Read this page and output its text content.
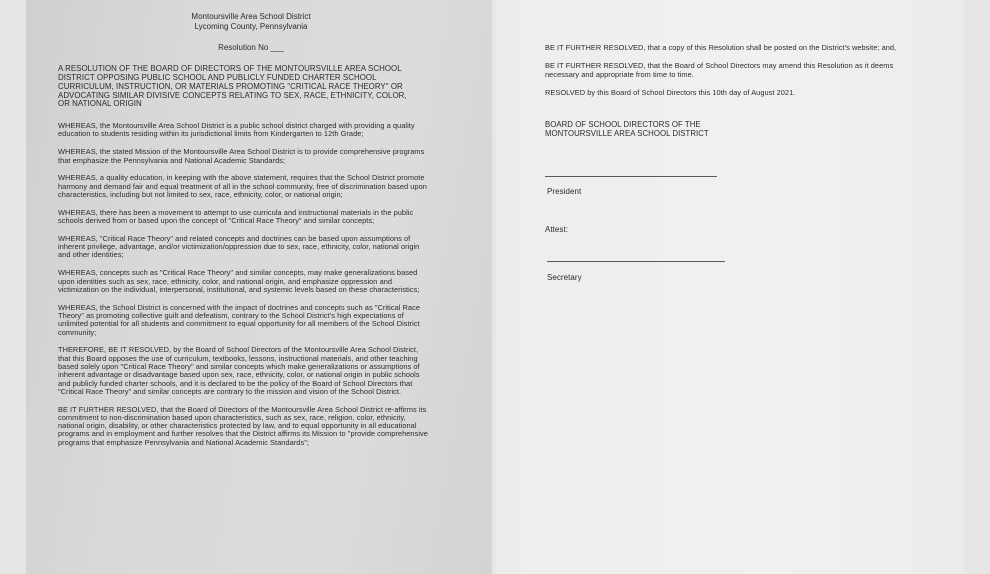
Montoursville Area School District

Lycoming County, Pennsylvania

Resolution No ___

A RESOLUTION OF THE BOARD OF DIRECTORS OF THE MONTOURSVILLE AREA SCHOOL DISTRICT OPPOSING PUBLIC SCHOOL AND PUBLICLY FUNDED CHARTER SCHOOL CURRICULUM, INSTRUCTION, OR MATERIALS PROMOTING "CRITICAL RACE THEORY" OR ADVOCATING SIMILAR DIVISIVE CONCEPTS RELATING TO SEX, RACE, ETHNICITY, COLOR, OR NATIONAL ORIGIN

WHEREAS, the Montoursville Area School District is a public school district charged with providing a quality education to students residing within its jurisdictional limits from Kindergarten to 12th Grade;

WHEREAS, the stated Mission of the Montoursville Area School District is to provide comprehensive programs that emphasize the Pennsylvania and National Academic Standards;

WHEREAS, a quality education, in keeping with the above statement, requires that the School District promote harmony and demand fair and equal treatment of all in the school community, free of discrimination based upon characteristics, including but not limited to sex, race, ethnicity, color, or national origin;

WHEREAS, there has been a movement to attempt to use curricula and instructional materials in the public schools derived from or based upon the concept of "Critical Race Theory" and similar concepts;

WHEREAS, "Critical Race Theory" and related concepts and doctrines can be based upon assumptions of inherent privilege, advantage, and/or victimization/oppression due to sex, race, ethnicity, color, national origin and other identities;

WHEREAS, concepts such as "Critical Race Theory" and similar concepts, may make generalizations based upon identities such as sex, race, ethnicity, color, and national origin, and emphasize oppression and victimization on the individual, interpersonal, institutional, and systemic levels based on these characteristics;

WHEREAS, the School District is concerned with the impact of doctrines and concepts such as "Critical Race Theory" as promoting collective guilt and defeatism, contrary to the School District's high expectations of unlimited potential for all students and commitment to equal opportunity for all members of the School District community;

THEREFORE, BE IT RESOLVED, by the Board of School Directors of the Montoursville Area School District, that this Board opposes the use of curriculum, textbooks, lessons, instructional materials, and other teaching based solely upon "Critical Race Theory" and similar concepts which make generalizations or assumptions of inherent advantage or disadvantage based upon sex, race, ethnicity, color, or national origin in public schools and publicly funded charter schools, and it is declared to be the policy of the Board of School Directors that "Critical Race Theory" and similar concepts are contrary to the mission and vision of the School District.

BE IT FURTHER RESOLVED, that the Board of Directors of the Montoursville Area School District re-affirms its commitment to non-discrimination based upon characteristics, such as sex, race, religion, color, ethnicity, national origin, disability, or other characteristics protected by law, and to equal opportunity in all educational programs and in employment and further resolves that the District affirms its Mission to "provide comprehensive programs that emphasize Pennsylvania and National Academic Standards";

BE IT FURTHER RESOLVED, that a copy of this Resolution shall be posted on the District's website; and,

BE IT FURTHER RESOLVED, that the Board of School Directors may amend this Resolution as it deems necessary and appropriate from time to time.

RESOLVED by this Board of School Directors this 10th day of August 2021.

BOARD OF SCHOOL DIRECTORS OF THE
MONTOURSVILLE AREA SCHOOL DISTRICT

President

Attest:

Secretary
